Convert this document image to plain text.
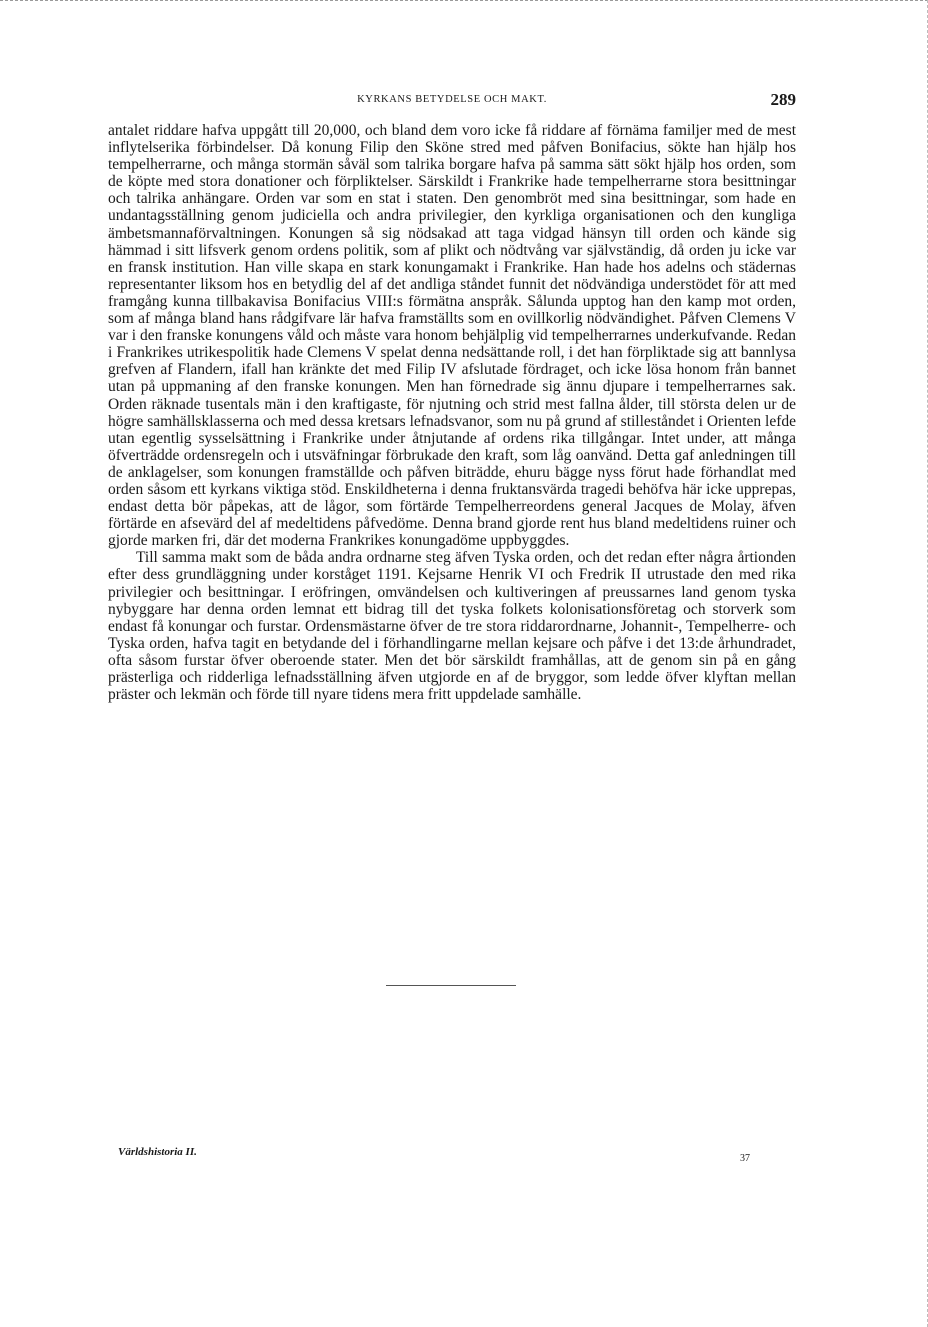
KYRKANS BETYDELSE OCH MAKT.	289

antalet riddare hafva uppgått till 20,000, och bland dem voro icke få riddare af förnäma familjer med de mest inflytelserika förbindelser. Då konung Filip den Sköne stred med påfven Bonifacius, sökte han hjälp hos tempelherrarne, och många stormän såväl som talrika borgare hafva på samma sätt sökt hjälp hos orden, som de köpte med stora donationer och förpliktelser. Särskildt i Frankrike hade tempelherrarne stora besittningar och talrika anhängare. Orden var som en stat i staten. Den genombröt med sina besittningar, som hade en undantagsställning genom judiciella och andra privilegier, den kyrkliga organisationen och den kungliga ämbetsmannaförvaltningen. Konungen så sig nödsakad att taga vidgad hänsyn till orden och kände sig hämmad i sitt lifsverk genom ordens politik, som af plikt och nödtvång var självständig, då orden ju icke var en fransk institution. Han ville skapa en stark konungamakt i Frankrike. Han hade hos adelns och städernas representanter liksom hos en betydlig del af det andliga ståndet funnit det nödvändiga understödet för att med framgång kunna tillbakavisa Bonifacius VIII:s förmätna anspråk. Sålunda upptog han den kamp mot orden, som af många bland hans rådgifvare lär hafva framställts som en ovillkorlig nödvändighet. Påfven Clemens V var i den franske konungens våld och måste vara honom behjälplig vid tempelherrarnes underkufvande. Redan i Frankrikes utrikespolitik hade Clemens V spelat denna nedsättande roll, i det han förpliktade sig att bannlysa grefven af Flandern, ifall han kränkte det med Filip IV afslutade fördraget, och icke lösa honom från bannet utan på uppmaning af den franske konungen. Men han förnedrade sig ännu djupare i tempelherrarnes sak. Orden räknade tusentals män i den kraftigaste, för njutning och strid mest fallna ålder, till största delen ur de högre samhällsklasserna och med dessa kretsars lefnadsvanor, som nu på grund af stilleståndet i Orienten lefde utan egentlig sysselsättning i Frankrike under åtnjutande af ordens rika tillgångar. Intet under, att många öfverträdde ordensregeln och i utsväfningar förbrukade den kraft, som låg oanvänd. Detta gaf anledningen till de anklagelser, som konungen framställde och påfven biträdde, ehuru bägge nyss förut hade förhandlat med orden såsom ett kyrkans viktiga stöd. Enskildheterna i denna fruktansvärda tragedi behöfva här icke upprepas, endast detta bör påpekas, att de lågor, som förtärde Tempelherreordens general Jacques de Molay, äfven förtärde en afsevärd del af medeltidens påfvedöme. Denna brand gjorde rent hus bland medeltidens ruiner och gjorde marken fri, där det moderna Frankrikes konungadöme uppbyggdes.

Till samma makt som de båda andra ordnarne steg äfven Tyska orden, och det redan efter några årtionden efter dess grundläggning under korståget 1191. Kejsarne Henrik VI och Fredrik II utrustade den med rika privilegier och besittningar. I eröfringen, omvändelsen och kultiveringen af preussarnes land genom tyska nybyggare har denna orden lemnat ett bidrag till det tyska folkets kolonisationsföretag och storverk som endast få konungar och furstar. Ordensmästarne öfver de tre stora riddarordnarne, Johannit-, Tempelherre- och Tyska orden, hafva tagit en betydande del i förhandlingarne mellan kejsare och påfve i det 13:de århundradet, ofta såsom furstar öfver oberoende stater. Men det bör särskildt framhållas, att de genom sin på en gång prästerliga och ridderliga lefnadsställning äfven utgjorde en af de bryggor, som ledde öfver klyftan mellan präster och lekmän och förde till nyare tidens mera fritt uppdelade samhälle.

Världshistoria II.
37
